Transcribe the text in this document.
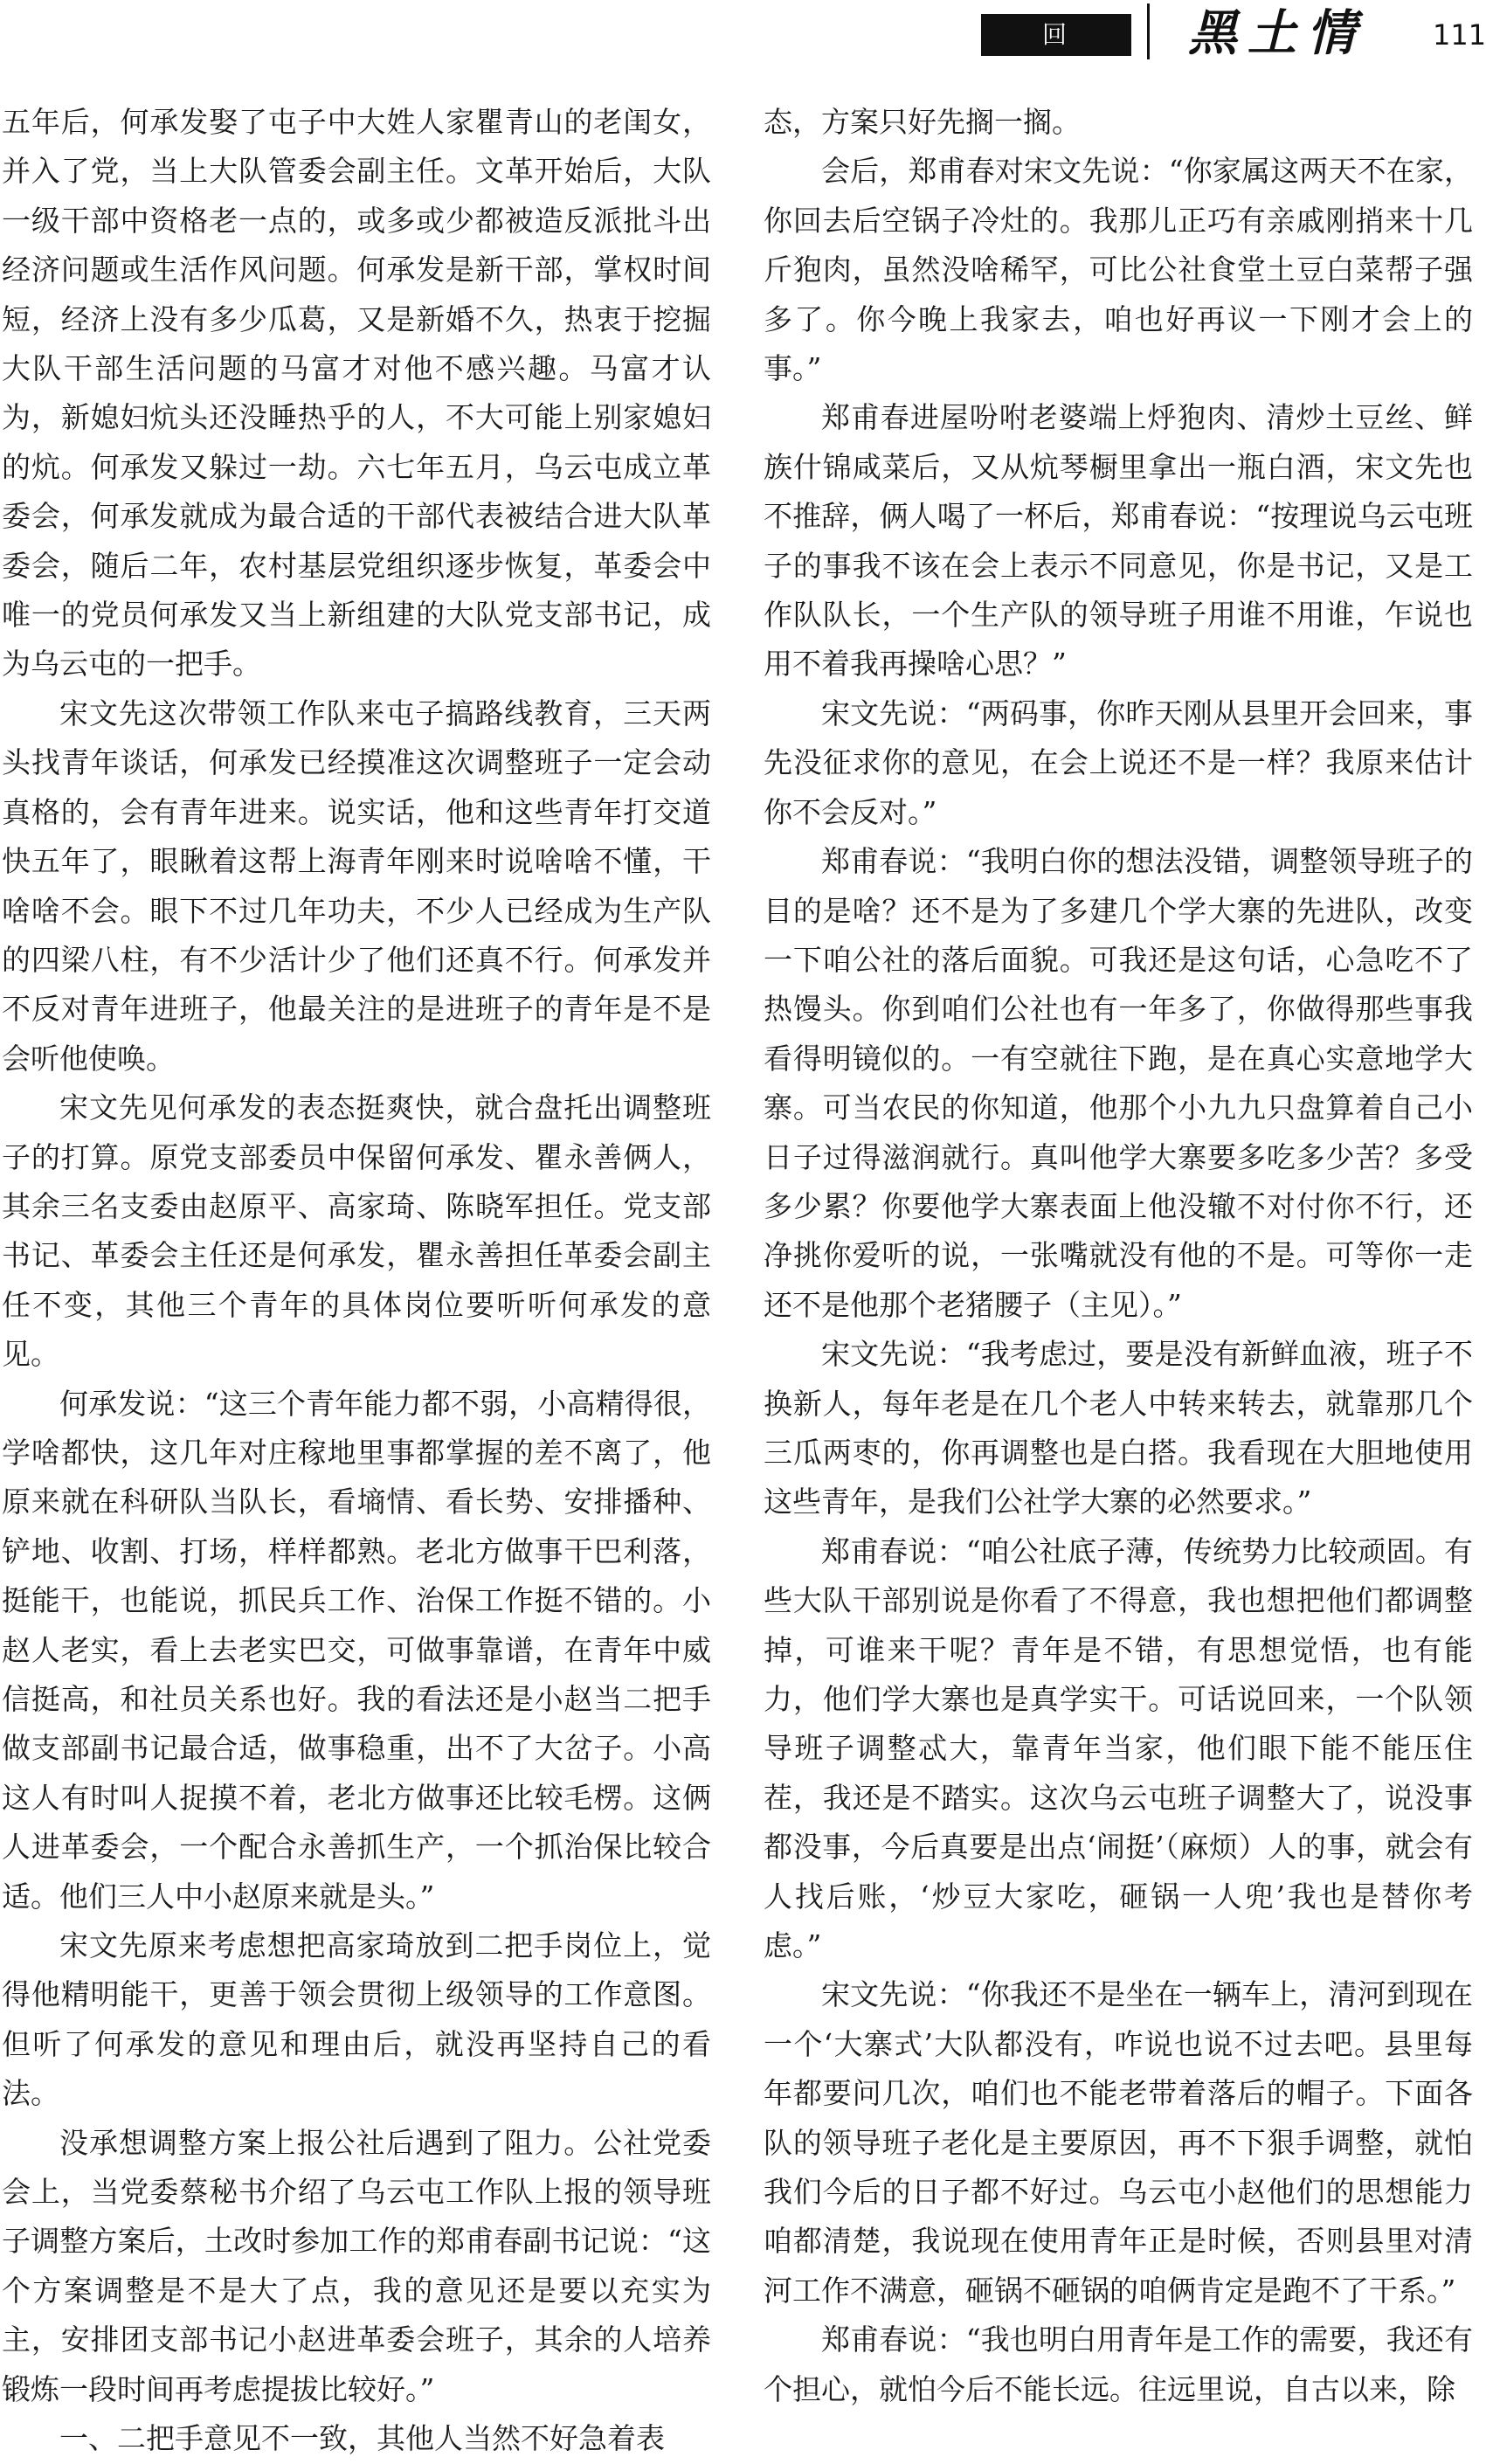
回 家
黑土情 111

五年后，何承发娶了屯子中大姓人家瞿青山的老闺女，并入了党，当上大队管委会副主任。文革开始后，大队一级干部中资格老一点的，或多或少都被造反派批斗出经济问题或生活作风问题。何承发是新干部，掌权时间短，经济上没有多少瓜葛，又是新婚不久，热衷于挖掘大队干部生活问题的马富才对他不感兴趣。马富才认为，新媳妇炕头还没睡热乎的人，不大可能上别家媳妇的炕。何承发又躲过一劫。六七年五月，乌云屯成立革委会，何承发就成为最合适的干部代表被结合进大队革委会，随后二年，农村基层党组织逐步恢复，革委会中唯一的党员何承发又当上新组建的大队党支部书记，成为乌云屯的一把手。

宋文先这次带领工作队来屯子搞路线教育，三天两头找青年谈话，何承发已经摸准这次调整班子一定会动真格的，会有青年进来。说实话，他和这些青年打交道快五年了，眼瞅着这帮上海青年刚来时说啥啥不懂，干啥啥不会。眼下不过几年功夫，不少人已经成为生产队的四梁八柱，有不少活计少了他们还真不行。何承发并不反对青年进班子，他最关注的是进班子的青年是不是会听他使唤。

宋文先见何承发的表态挺爽快，就合盘托出调整班子的打算。原党支部委员中保留何承发、瞿永善俩人，其余三名支委由赵原平、高家琦、陈晓军担任。党支部书记、革委会主任还是何承发，瞿永善担任革委会副主任不变，其他三个青年的具体岗位要听听何承发的意见。

何承发说：“这三个青年能力都不弱，小高精得很，学啥都快，这几年对庄稼地里事都掌握的差不离了，他原来就在科研队当队长，看墒情、看长势、安排播种、铲地、收割、打场，样样都熟。老北方做事干巴利落，挺能干，也能说，抓民兵工作、治保工作挺不错的。小赵人老实，看上去老实巴交，可做事靠谱，在青年中威信挺高，和社员关系也好。我的看法还是小赵当二把手做支部副书记最合适，做事稳重，出不了大岔子。小高这人有时叫人捉摸不着，老北方做事还比较毛楞。这俩人进革委会，一个配合永善抓生产，一个抓治保比较合适。他们三人中小赵原来就是头。”

宋文先原来考虑想把高家琦放到二把手岗位上，觉得他精明能干，更善于领会贯彻上级领导的工作意图。但听了何承发的意见和理由后，就没再坚持自己的看法。

没承想调整方案上报公社后遇到了阻力。公社党委会上，当党委蔡秘书介绍了乌云屯工作队上报的领导班子调整方案后，土改时参加工作的郑甫春副书记说：“这个方案调整是不是大了点，我的意见还是要以充实为主，安排团支部书记小赵进革委会班子，其余的人培养锻炼一段时间再考虑提拔比较好。”

一、二把手意见不一致，其他人当然不好急着表

态，方案只好先搁一搁。

会后，郑甫春对宋文先说：“你家属这两天不在家，你回去后空锅子冷灶的。我那儿正巧有亲戚刚捎来十几斤狍肉，虽然没啥稀罕，可比公社食堂土豆白菜帮子强多了。你今晚上我家去，咱也好再议一下刚才会上的事。”

郑甫春进屋吩咐老婆端上烀狍肉、清炒土豆丝、鲜族什锦咸菜后，又从炕琴橱里拿出一瓶白酒，宋文先也不推辞，俩人喝了一杯后，郑甫春说：“按理说乌云屯班子的事我不该在会上表示不同意见，你是书记，又是工作队队长，一个生产队的领导班子用谁不用谁，乍说也用不着我再操啥心思？”

宋文先说：“两码事，你昨天刚从县里开会回来，事先没征求你的意见，在会上说还不是一样？我原来估计你不会反对。”

郑甫春说：“我明白你的想法没错，调整领导班子的目的是啥？还不是为了多建几个学大寨的先进队，改变一下咱公社的落后面貌。可我还是这句话，心急吃不了热馒头。你到咱们公社也有一年多了，你做得那些事我看得明镜似的。一有空就往下跑，是在真心实意地学大寨。可当农民的你知道，他那个小九九只盘算着自己小日子过得滋润就行。真叫他学大寨要多吃多少苦？多受多少累？你要他学大寨表面上他没辙不对付你不行，还净挑你爱听的说，一张嘴就没有他的不是。可等你一走还不是他那个老猪腰子（主见）。”

宋文先说：“我考虑过，要是没有新鲜血液，班子不换新人，每年老是在几个老人中转来转去，就靠那几个三瓜两枣的，你再调整也是白搭。我看现在大胆地使用这些青年，是我们公社学大寨的必然要求。”

郑甫春说：“咱公社底子薄，传统势力比较顽固。有些大队干部别说是你看了不得意，我也想把他们都调整掉，可谁来干呢？青年是不错，有思想觉悟，也有能力，他们学大寨也是真学实干。可话说回来，一个队领导班子调整忒大，靠青年当家，他们眼下能不能压住茬，我还是不踏实。这次乌云屯班子调整大了，说没事都没事，今后真要是出点‘闹挺’（麻烦）人的事，就会有人找后账，‘炒豆大家吃，砸锅一人兜’我也是替你考虑。”

宋文先说：“你我还不是坐在一辆车上，清河到现在一个‘大寨式’大队都没有，咋说也说不过去吧。县里每年都要问几次，咱们也不能老带着落后的帽子。下面各队的领导班子老化是主要原因，再不下狠手调整，就怕我们今后的日子都不好过。乌云屯小赵他们的思想能力咱都清楚，我说现在使用青年正是时候，否则县里对清河工作不满意，砸锅不砸锅的咱俩肯定是跑不了干系。”

郑甫春说：“我也明白用青年是工作的需要，我还有个担心，就怕今后不能长远。往远里说，自古以来，除
